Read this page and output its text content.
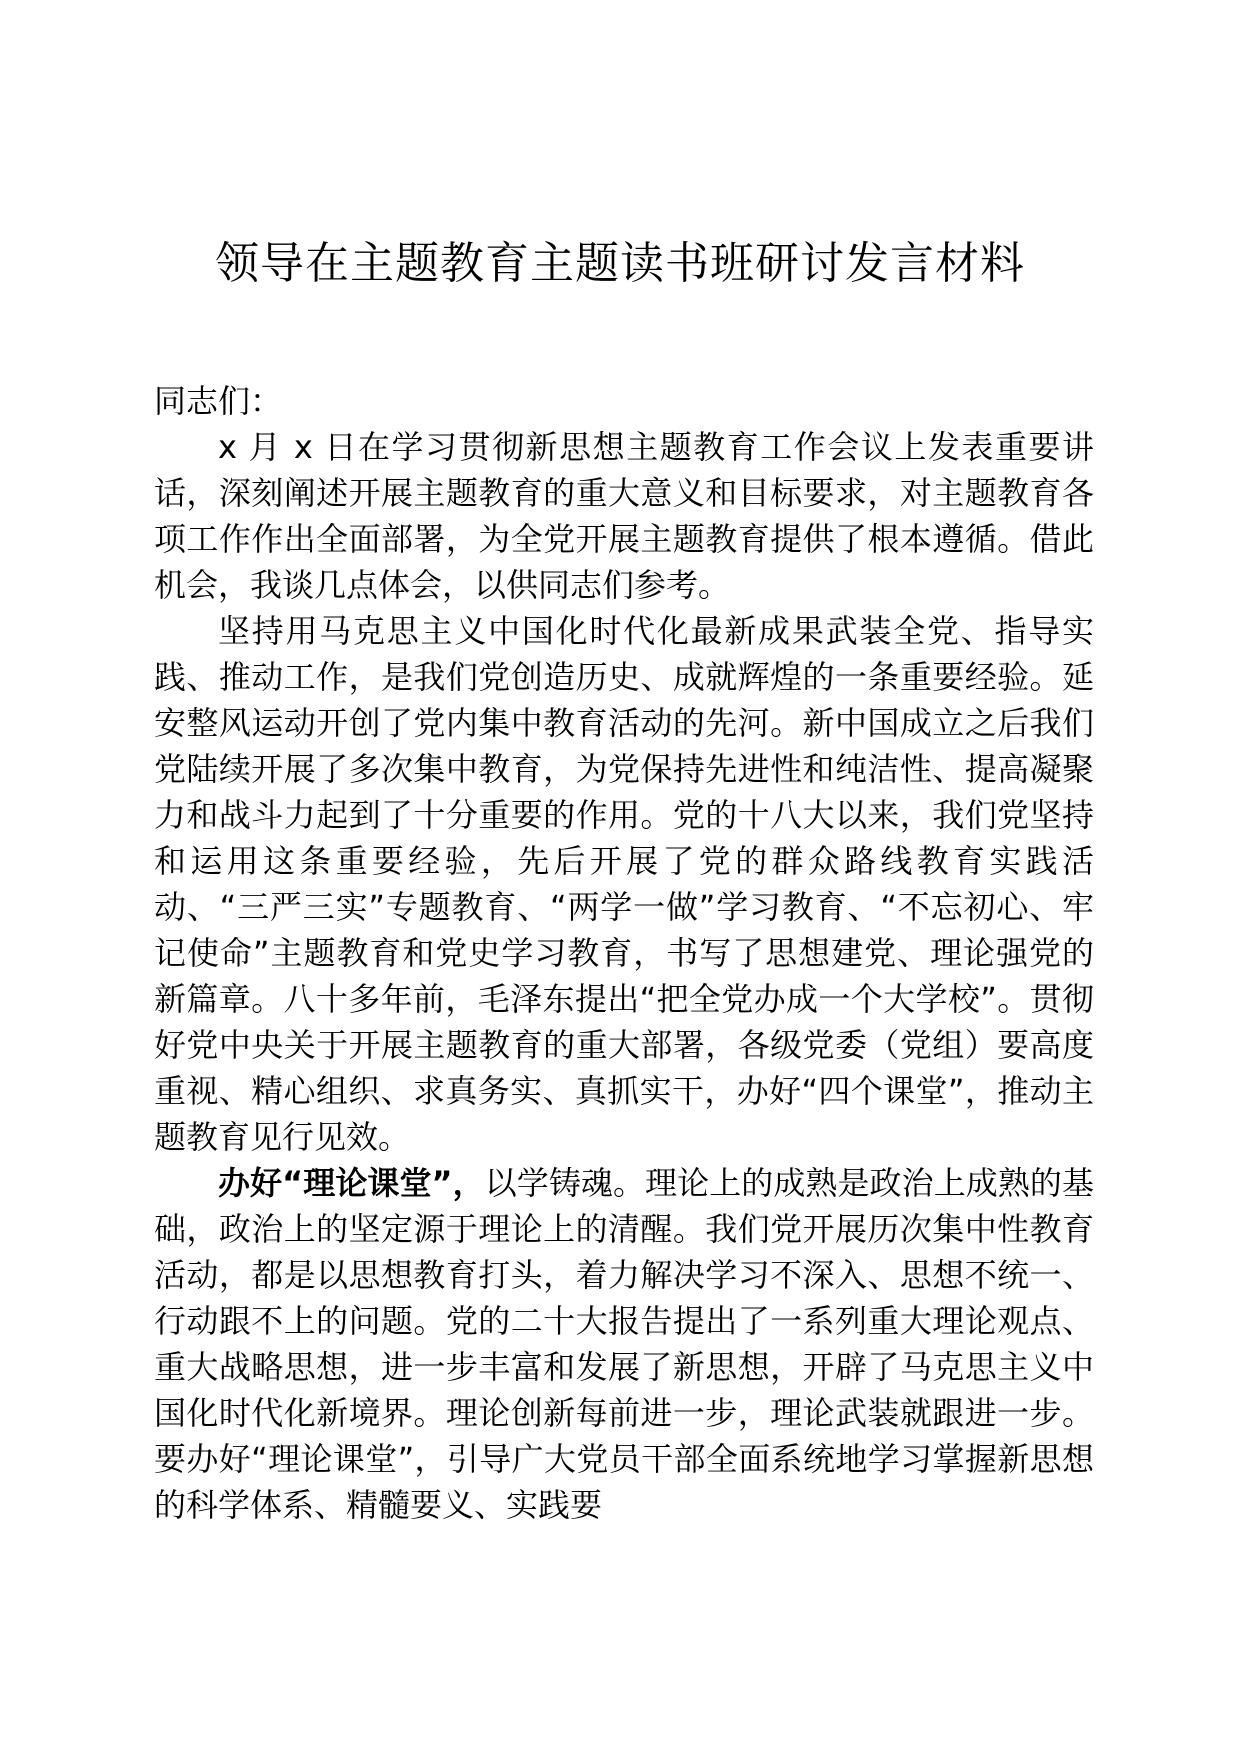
领导在主题教育主题读书班研讨发言材料

同志们：

x 月 x 日在学习贯彻新思想主题教育工作会议上发表重要讲话，深刻阐述开展主题教育的重大意义和目标要求，对主题教育各项工作作出全面部署，为全党开展主题教育提供了根本遵循。借此机会，我谈几点体会，以供同志们参考。

坚持用马克思主义中国化时代化最新成果武装全党、指导实践、推动工作，是我们党创造历史、成就辉煌的一条重要经验。延安整风运动开创了党内集中教育活动的先河。新中国成立之后我们党陆续开展了多次集中教育，为党保持先进性和纯洁性、提高凝聚力和战斗力起到了十分重要的作用。党的十八大以来，我们党坚持和运用这条重要经验，先后开展了党的群众路线教育实践活动、“三严三实”专题教育、“两学一做”学习教育、“不忘初心、牢记使命”主题教育和党史学习教育，书写了思想建党、理论强党的新篇章。八十多年前，毛泽东提出“把全党办成一个大学校”。贯彻好党中央关于开展主题教育的重大部署，各级党委（党组）要高度重视、精心组织、求真务实、真抓实干，办好“四个课堂”，推动主题教育见行见效。

办好“理论课堂”，以学铸魂。理论上的成熟是政治上成熟的基础，政治上的坚定源于理论上的清醒。我们党开展历次集中性教育活动，都是以思想教育打头，着力解决学习不深入、思想不统一、行动跟不上的问题。党的二十大报告提出了一系列重大理论观点、重大战略思想，进一步丰富和发展了新思想，开辟了马克思主义中国化时代化新境界。理论创新每前进一步，理论武装就跟进一步。要办好“理论课堂”，引导广大党员干部全面系统地学习掌握新思想的科学体系、精髓要义、实践要
